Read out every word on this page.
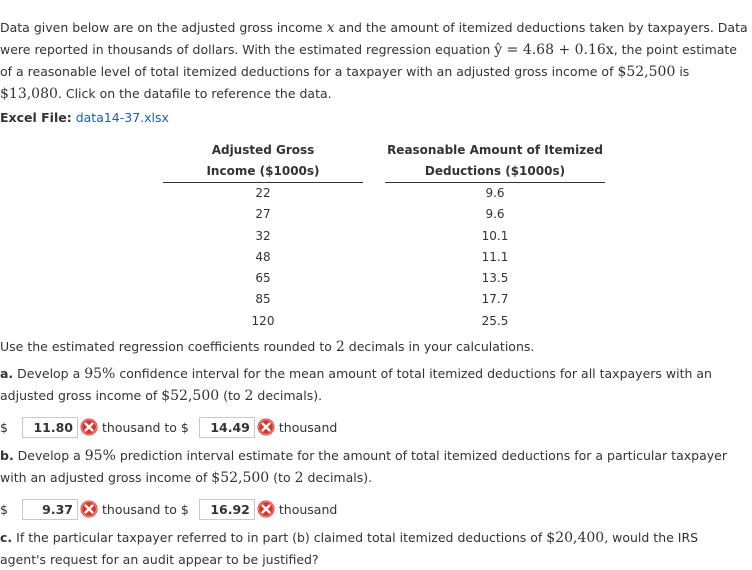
Data given below are on the adjusted gross income x and the amount of itemized deductions taken by taxpayers. Data were reported in thousands of dollars. With the estimated regression equation ŷ = 4.68 + 0.16x, the point estimate of a reasonable level of total itemized deductions for a taxpayer with an adjusted gross income of $52,500 is $13,080. Click on the datafile to reference the data.

Excel File: data14-37.xlsx

Adjusted Gross		Reasonable Amount of Itemized
Income ($1000s)		Deductions ($1000s)
22		9.6
27		9.6
32		10.1
48		11.1
65		13.5
85		17.7
120		25.5

Use the estimated regression coefficients rounded to 2 decimals in your calculations.

a. Develop a 95% confidence interval for the mean amount of total itemized deductions for all taxpayers with an adjusted gross income of $52,500 (to 2 decimals).

$	11.80	thousand to $	14.49	thousand

b. Develop a 95% prediction interval estimate for the amount of total itemized deductions for a particular taxpayer with an adjusted gross income of $52,500 (to 2 decimals).

$	9.37	thousand to $	16.92	thousand

c. If the particular taxpayer referred to in part (b) claimed total itemized deductions of $20,400, would the IRS agent's request for an audit appear to be justified?
